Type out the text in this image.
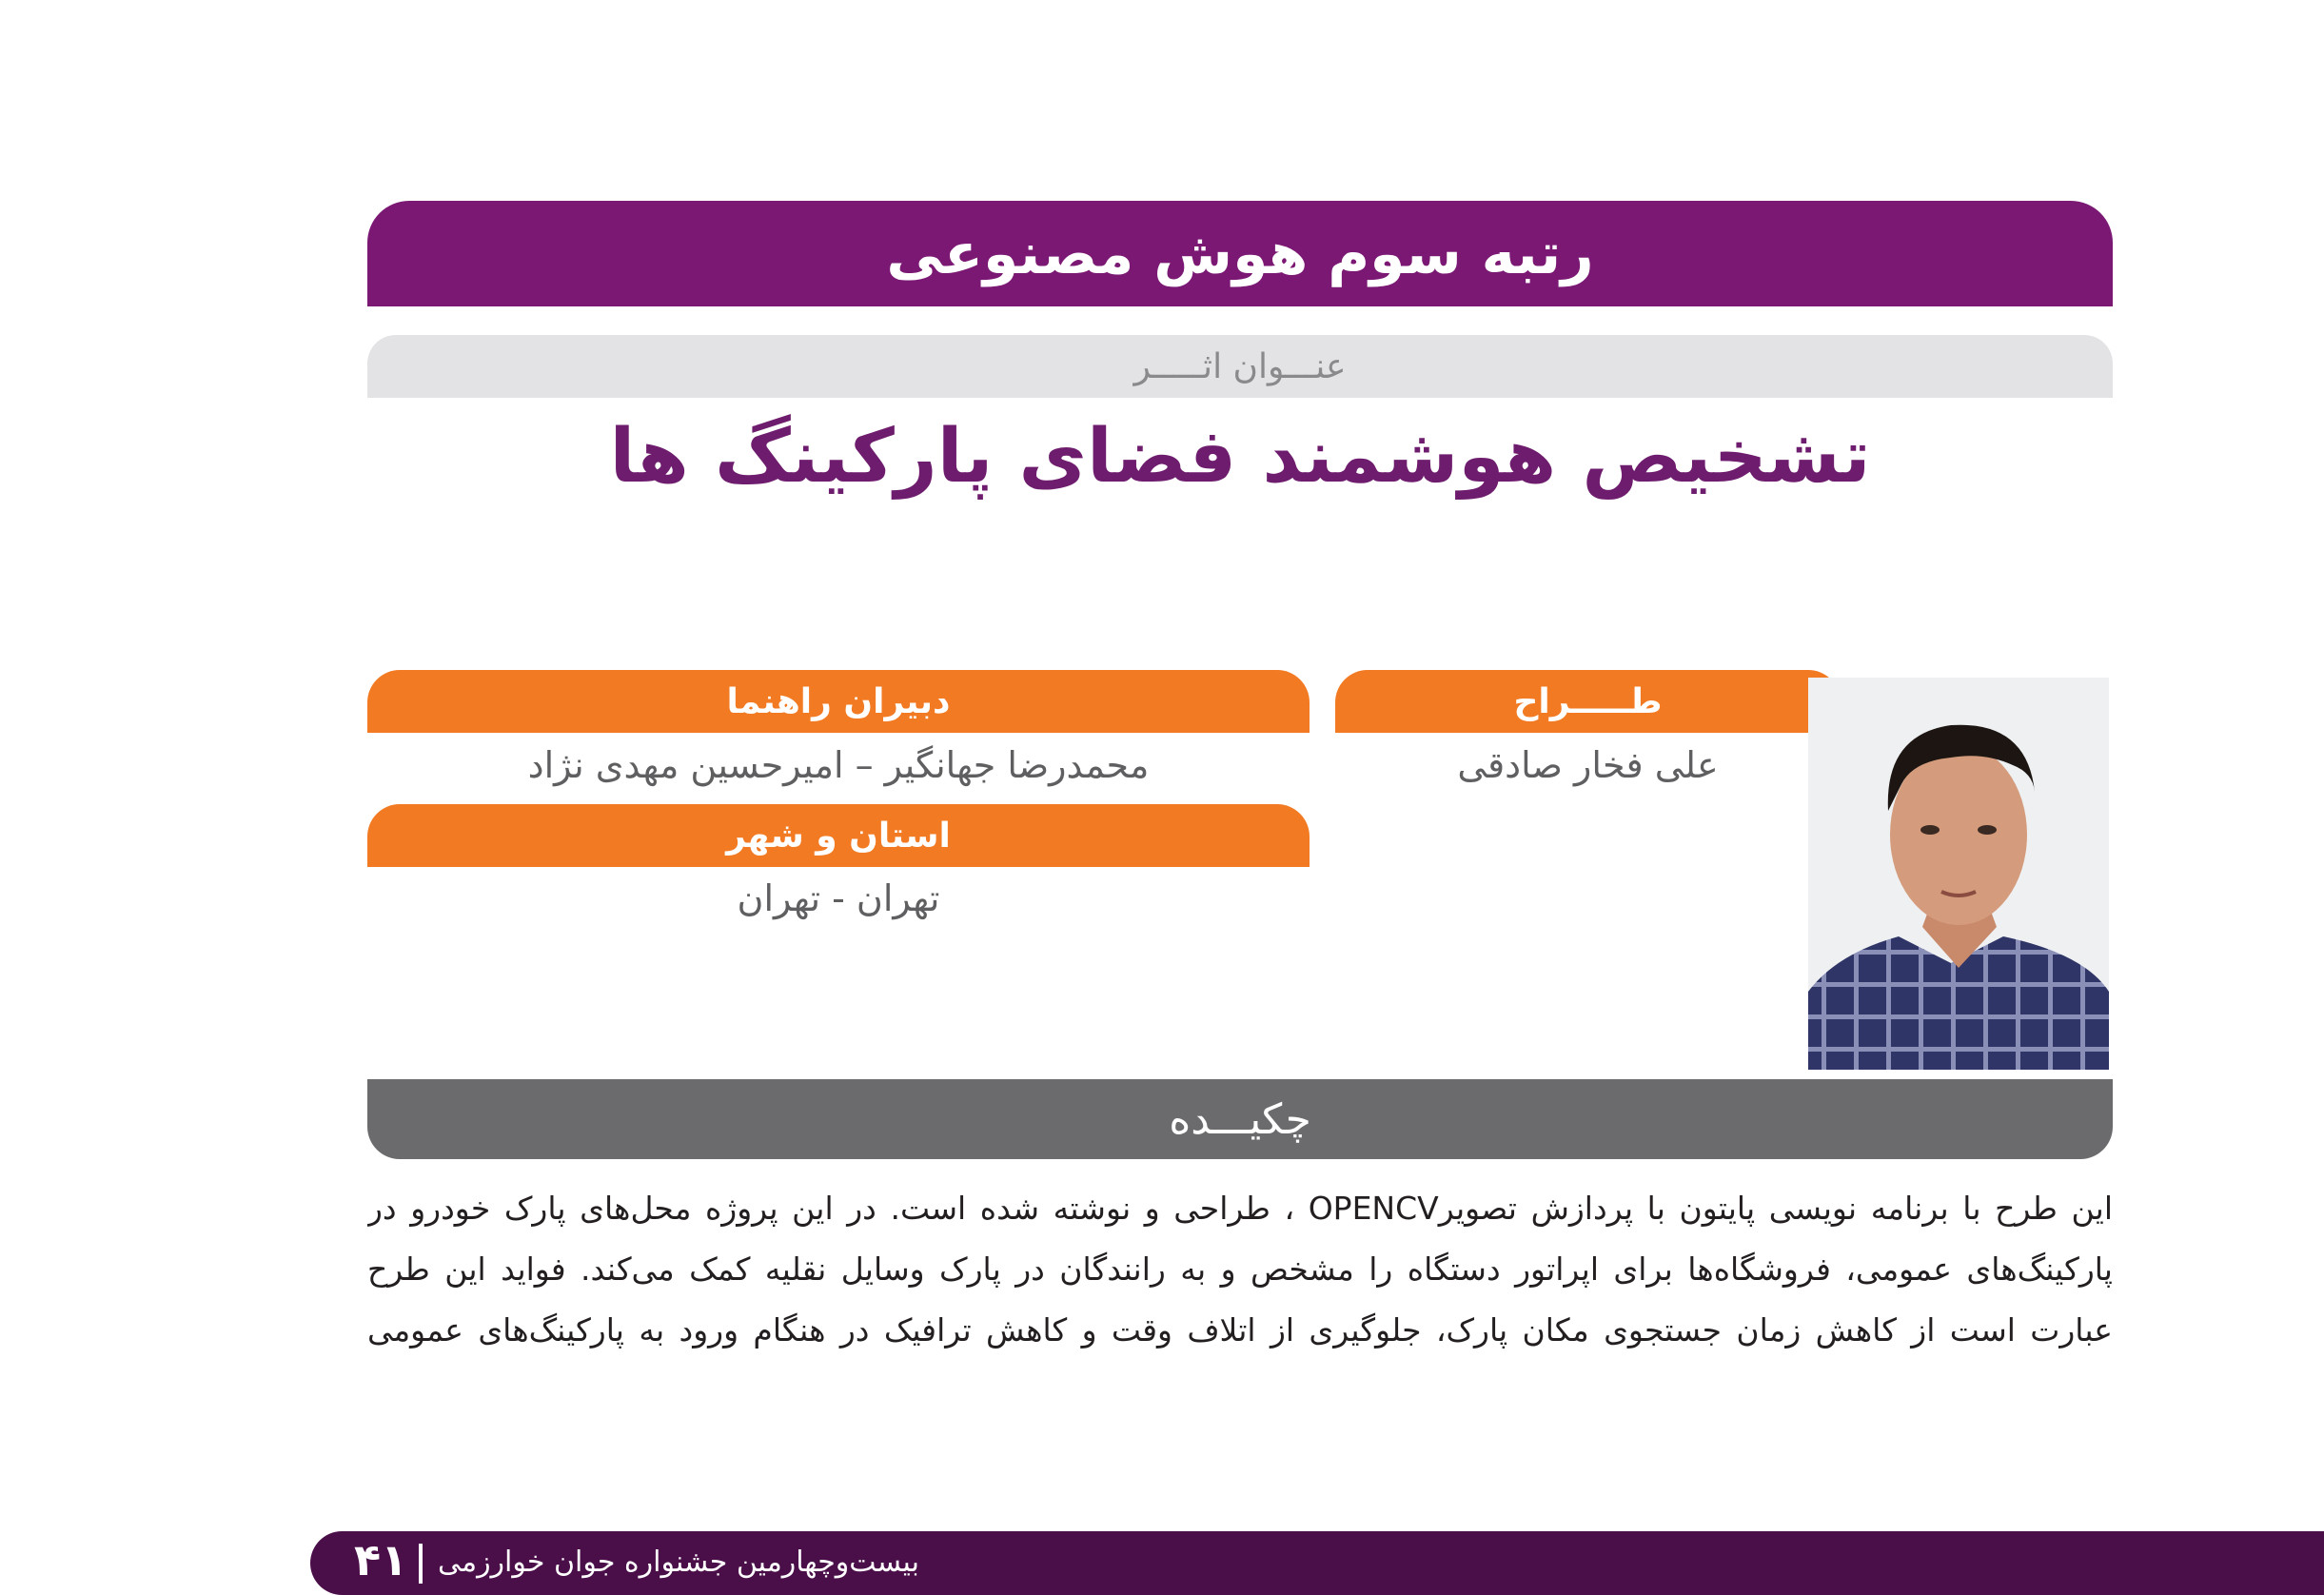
رتبه سوم هوش مصنوعی
عنـــوان اثـــــر
تشخیص هوشمند فضای پارکینگ ها
دبیران راهنما
محمدرضا جهانگیر – امیرحسین مهدی نژاد
استان و شهر
تهران - تهران
طـــــراح
علی فخار صادقی
چکیـــده
این طرح با برنامه نویسی پایتون با پردازش تصویرOPENCV ، طراحی و نوشته شده است. در این پروژه محل‌های پارک خودرو در
پارکینگ‌های عمومی، فروشگاه‌ها برای اپراتور دستگاه را مشخص و به رانندگان در پارک وسایل نقلیه کمک می‌کند. فواید این طرح
عبارت است از کاهش زمان جستجوی مکان پارک، جلوگیری از اتلاف وقت و کاهش ترافیک در هنگام ورود به پارکینگ‌های عمومی
۴۱ بیست‌وچهارمین جشنواره جوان خوارزمی
